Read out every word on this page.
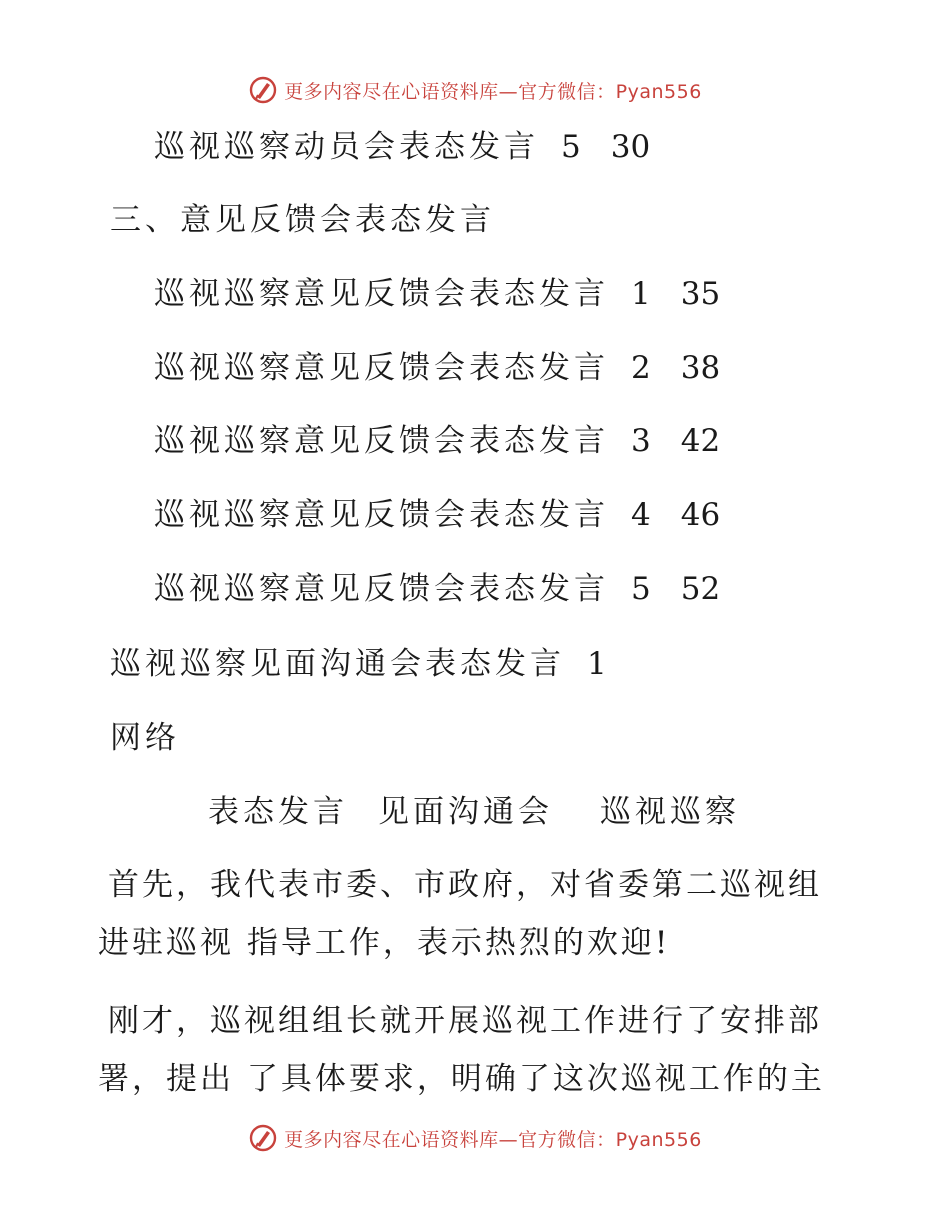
更多内容尽在心语资料库—官方微信：Pyan556
巡视巡察动员会表态发言 5 30
三、意见反馈会表态发言
巡视巡察意见反馈会表态发言 1 35
巡视巡察意见反馈会表态发言 2 38
巡视巡察意见反馈会表态发言 3 42
巡视巡察意见反馈会表态发言 4 46
巡视巡察意见反馈会表态发言 5 52
巡视巡察见面沟通会表态发言 1
网络
表态发言 见面沟通会 巡视巡察
首先，我代表市委、市政府，对省委第二巡视组
进驻巡视 指导工作，表示热烈的欢迎!
刚才，巡视组组长就开展巡视工作进行了安排部
署，提出 了具体要求，明确了这次巡视工作的主
更多内容尽在心语资料库—官方微信：Pyan556
